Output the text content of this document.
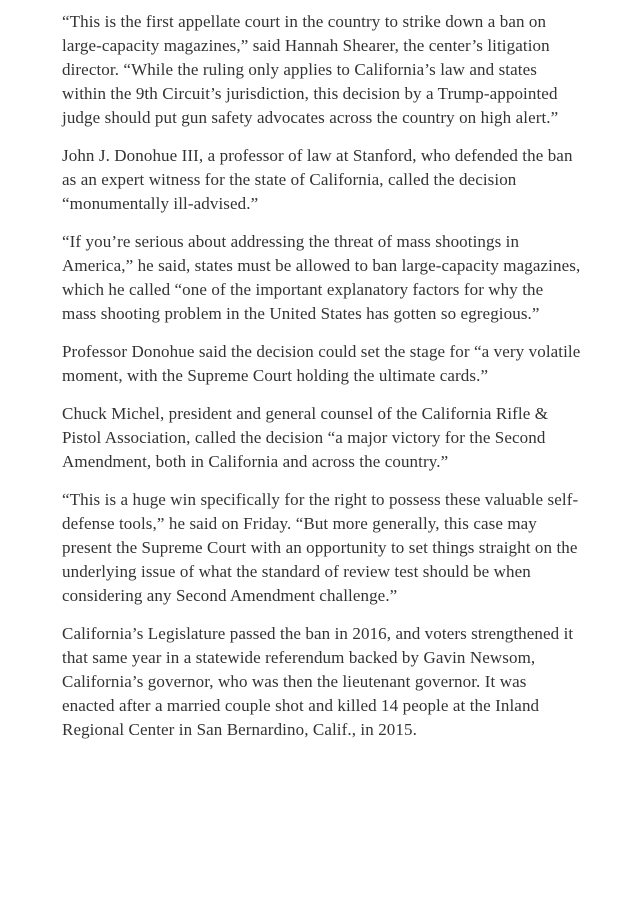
“This is the first appellate court in the country to strike down a ban on large-capacity magazines,” said Hannah Shearer, the center’s litigation director. “While the ruling only applies to California’s law and states within the 9th Circuit’s jurisdiction, this decision by a Trump-appointed judge should put gun safety advocates across the country on high alert.”

John J. Donohue III, a professor of law at Stanford, who defended the ban as an expert witness for the state of California, called the decision “monumentally ill-advised.”

“If you’re serious about addressing the threat of mass shootings in America,” he said, states must be allowed to ban large-capacity magazines, which he called “one of the important explanatory factors for why the mass shooting problem in the United States has gotten so egregious.”

Professor Donohue said the decision could set the stage for “a very volatile moment, with the Supreme Court holding the ultimate cards.”

Chuck Michel, president and general counsel of the California Rifle & Pistol Association, called the decision “a major victory for the Second Amendment, both in California and across the country.”

“This is a huge win specifically for the right to possess these valuable self-defense tools,” he said on Friday. “But more generally, this case may present the Supreme Court with an opportunity to set things straight on the underlying issue of what the standard of review test should be when considering any Second Amendment challenge.”

California’s Legislature passed the ban in 2016, and voters strengthened it that same year in a statewide referendum backed by Gavin Newsom, California’s governor, who was then the lieutenant governor. It was enacted after a married couple shot and killed 14 people at the Inland Regional Center in San Bernardino, Calif., in 2015.
